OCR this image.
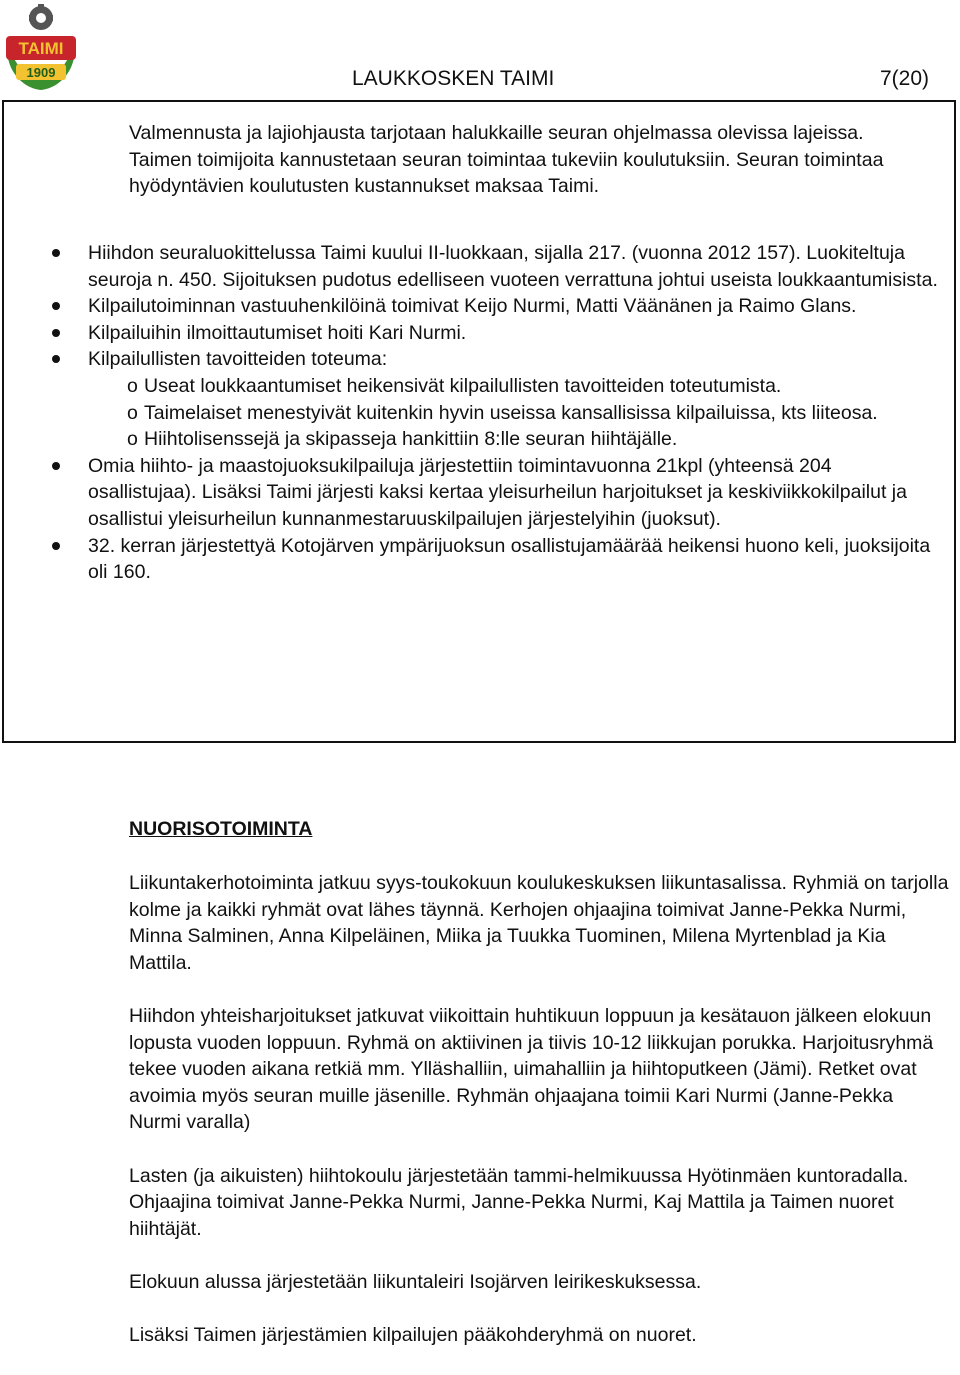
TAIMI
1909	LAUKKOSKEN TAIMI	7(20)
Valmennusta ja lajiohjausta tarjotaan halukkaille seuran ohjelmassa olevissa lajeissa. Taimen toimijoita kannustetaan seuran toimintaa tukeviin koulutuksiin. Seuran toimintaa hyödyntävien koulutusten kustannukset maksaa Taimi.
Hiihdon seuraluokittelussa Taimi kuului II-luokkaan, sijalla 217. (vuonna 2012 157). Luokiteltuja seuroja n. 450. Sijoituksen pudotus edelliseen vuoteen verrattuna johtui useista loukkaantumisista.
Kilpailutoiminnan vastuuhenkilöinä toimivat Keijo Nurmi, Matti Väänänen ja Raimo Glans.
Kilpailuihin ilmoittautumiset hoiti Kari Nurmi.
Kilpailullisten tavoitteiden toteuma:
o Useat loukkaantumiset heikensivät kilpailullisten tavoitteiden toteutumista.
o Taimelaiset menestyivät kuitenkin hyvin useissa kansallisissa kilpailuissa, kts liiteosa.
o Hiihtolisenssejä ja skipasseja hankittiin 8:lle seuran hiihtäjälle.
Omia hiihto- ja maastojuoksukilpailuja järjestettiin toimintavuonna 21kpl (yhteensä 204 osallistujaa). Lisäksi Taimi järjesti kaksi kertaa yleisurheilun harjoitukset ja keskiviikkokilpailut ja osallistui yleisurheilun kunnanmestaruuskilpailujen järjestelyihin (juoksut).
32. kerran järjestettyä Kotojärven ympärijuoksun osallistujamäärää heikensi huono keli, juoksijoita oli 160.
NUORISOTOIMINTA

Liikuntakerhotoiminta jatkuu syys-toukokuun koulukeskuksen liikuntasalissa. Ryhmiä on tarjolla kolme ja kaikki ryhmät ovat lähes täynnä. Kerhojen ohjaajina toimivat Janne-Pekka Nurmi, Minna Salminen, Anna Kilpeläinen, Miika ja Tuukka Tuominen, Milena Myrtenblad ja Kia Mattila.

Hiihdon yhteisharjoitukset jatkuvat viikoittain huhtikuun loppuun ja kesätauon jälkeen elokuun lopusta vuoden loppuun. Ryhmä on aktiivinen ja tiivis 10-12 liikkujan porukka. Harjoitusryhmä tekee vuoden aikana retkiä mm. Ylläshalliin, uimahalliin ja hiihtoputkeen (Jämi). Retket ovat avoimia myös seuran muille jäsenille. Ryhmän ohjaajana toimii Kari Nurmi (Janne-Pekka Nurmi varalla)

Lasten (ja aikuisten) hiihtokoulu järjestetään tammi-helmikuussa Hyötinmäen kuntoradalla. Ohjaajina toimivat Janne-Pekka Nurmi, Janne-Pekka Nurmi, Kaj Mattila ja Taimen nuoret hiihtäjät.

Elokuun alussa järjestetään liikuntaleiri Isojärven leirikeskuksessa.

Lisäksi Taimen järjestämien kilpailujen pääkohderyhmä on nuoret.
